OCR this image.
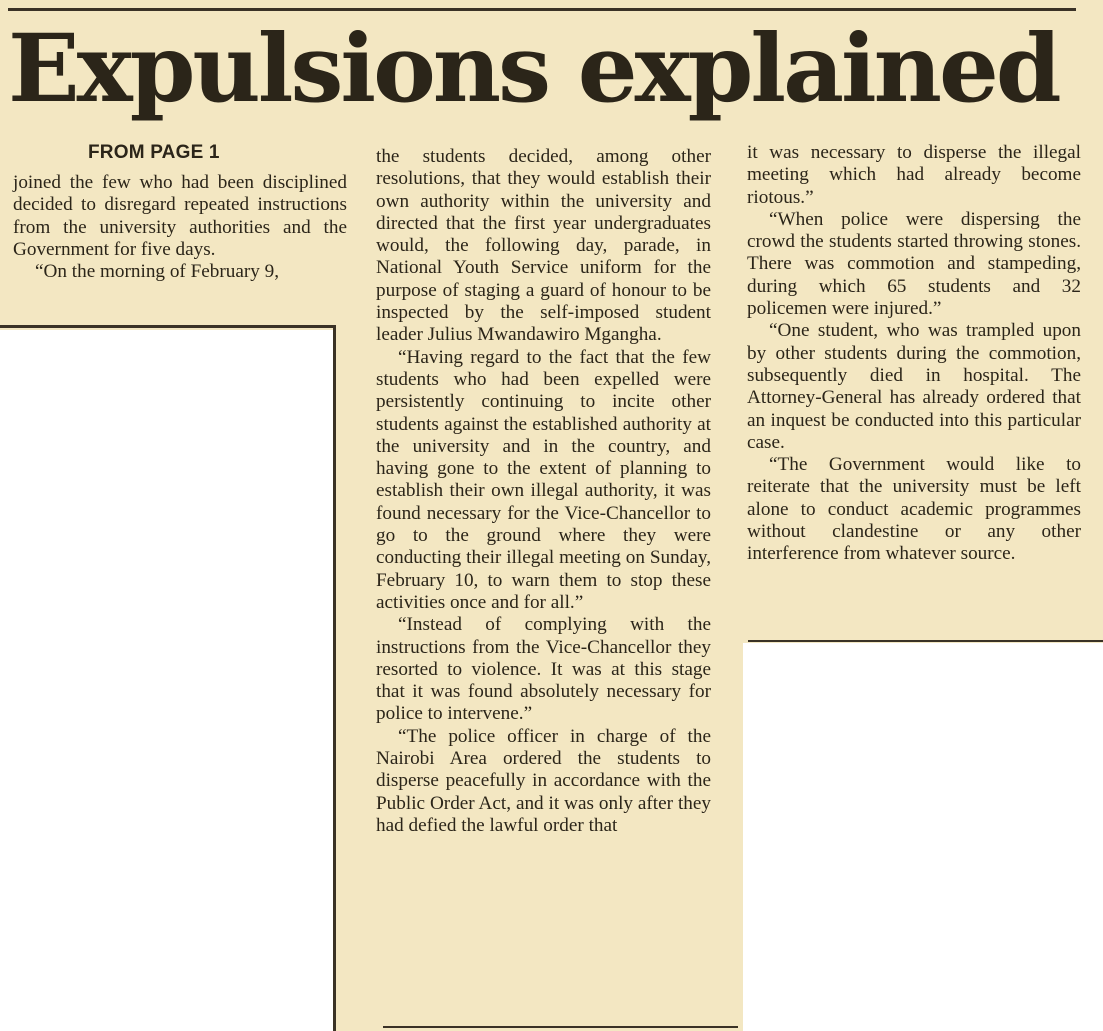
Expulsions explained
FROM PAGE 1

joined the few who had been disciplined decided to disregard repeated instructions from the university authorities and the Government for five days.

“On the morning of February 9,

the students decided, among other resolutions, that they would establish their own authority within the university and directed that the first year undergraduates would, the following day, parade, in National Youth Service uniform for the purpose of staging a guard of honour to be inspected by the self-imposed student leader Julius Mwandawiro Mgangha.

“Having regard to the fact that the few students who had been expelled were persistently continuing to incite other students against the established authority at the university and in the country, and having gone to the extent of planning to establish their own illegal authority, it was found necessary for the Vice-Chancellor to go to the ground where they were conducting their illegal meeting on Sunday, February 10, to warn them to stop these activities once and for all.”

“Instead of complying with the instructions from the Vice-Chancellor they resorted to violence. It was at this stage that it was found absolutely necessary for police to intervene.”

“The police officer in charge of the Nairobi Area ordered the students to disperse peacefully in accordance with the Public Order Act, and it was only after they had defied the lawful order that

it was necessary to disperse the illegal meeting which had already become riotous.”

“When police were dispersing the crowd the students started throwing stones. There was commotion and stampeding, during which 65 students and 32 policemen were injured.”

“One student, who was trampled upon by other students during the commotion, subsequently died in hospital. The Attorney-General has already ordered that an inquest be conducted into this particular case.

“The Government would like to reiterate that the university must be left alone to conduct academic programmes without clandestine or any other interference from whatever source.
